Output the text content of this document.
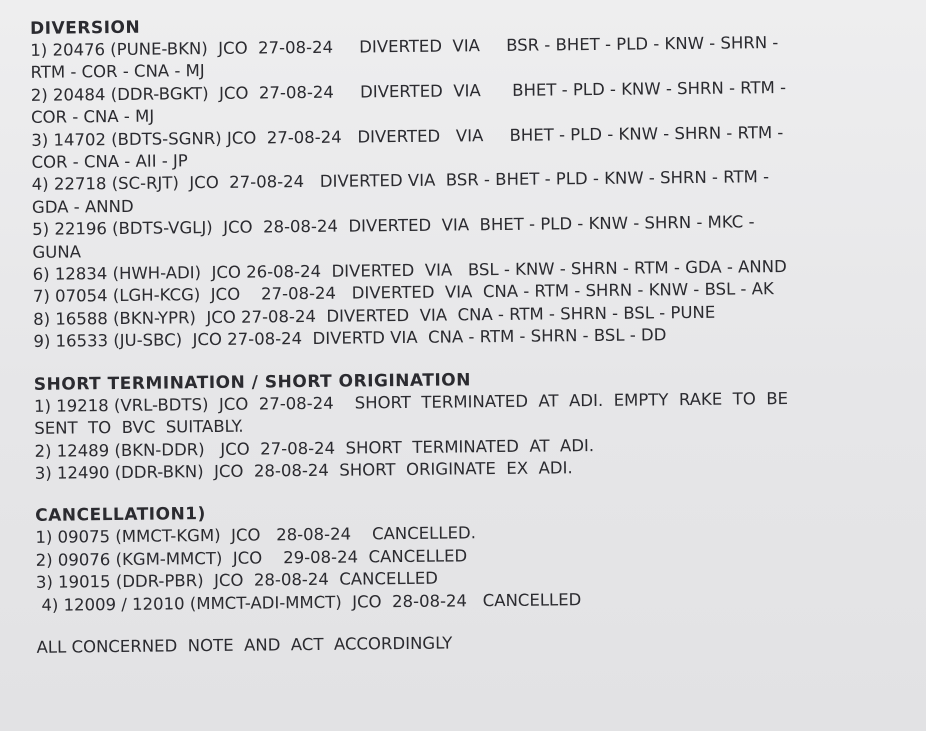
DIVERSION
1) 20476 (PUNE-BKN)  JCO  27-08-24     DIVERTED  VIA     BSR - BHET - PLD - KNW - SHRN -
RTM - COR - CNA - MJ
2) 20484 (DDR-BGKT)  JCO  27-08-24     DIVERTED  VIA      BHET - PLD - KNW - SHRN - RTM -
COR - CNA - MJ
3) 14702 (BDTS-SGNR) JCO  27-08-24   DIVERTED   VIA     BHET - PLD - KNW - SHRN - RTM -
COR - CNA - AII - JP
4) 22718 (SC-RJT)  JCO  27-08-24   DIVERTED VIA  BSR - BHET - PLD - KNW - SHRN - RTM -
GDA - ANND
5) 22196 (BDTS-VGLJ)  JCO  28-08-24  DIVERTED  VIA  BHET - PLD - KNW - SHRN - MKC -
GUNA
6) 12834 (HWH-ADI)  JCO 26-08-24  DIVERTED  VIA   BSL - KNW - SHRN - RTM - GDA - ANND
7) 07054 (LGH-KCG)  JCO    27-08-24   DIVERTED  VIA  CNA - RTM - SHRN - KNW - BSL - AK
8) 16588 (BKN-YPR)  JCO 27-08-24  DIVERTED  VIA  CNA - RTM - SHRN - BSL - PUNE
9) 16533 (JU-SBC)  JCO 27-08-24  DIVERTD VIA  CNA - RTM - SHRN - BSL - DD
SHORT TERMINATION / SHORT ORIGINATION
1) 19218 (VRL-BDTS)  JCO  27-08-24    SHORT  TERMINATED  AT  ADI.  EMPTY  RAKE  TO  BE
SENT  TO  BVC  SUITABLY.
2) 12489 (BKN-DDR)   JCO  27-08-24  SHORT  TERMINATED  AT  ADI.
3) 12490 (DDR-BKN)  JCO  28-08-24  SHORT  ORIGINATE  EX  ADI.
CANCELLATION1)
1) 09075 (MMCT-KGM)  JCO   28-08-24    CANCELLED.
2) 09076 (KGM-MMCT)  JCO    29-08-24  CANCELLED
3) 19015 (DDR-PBR)  JCO  28-08-24  CANCELLED
4) 12009 / 12010 (MMCT-ADI-MMCT)  JCO  28-08-24   CANCELLED
ALL CONCERNED  NOTE  AND  ACT  ACCORDINGLY
